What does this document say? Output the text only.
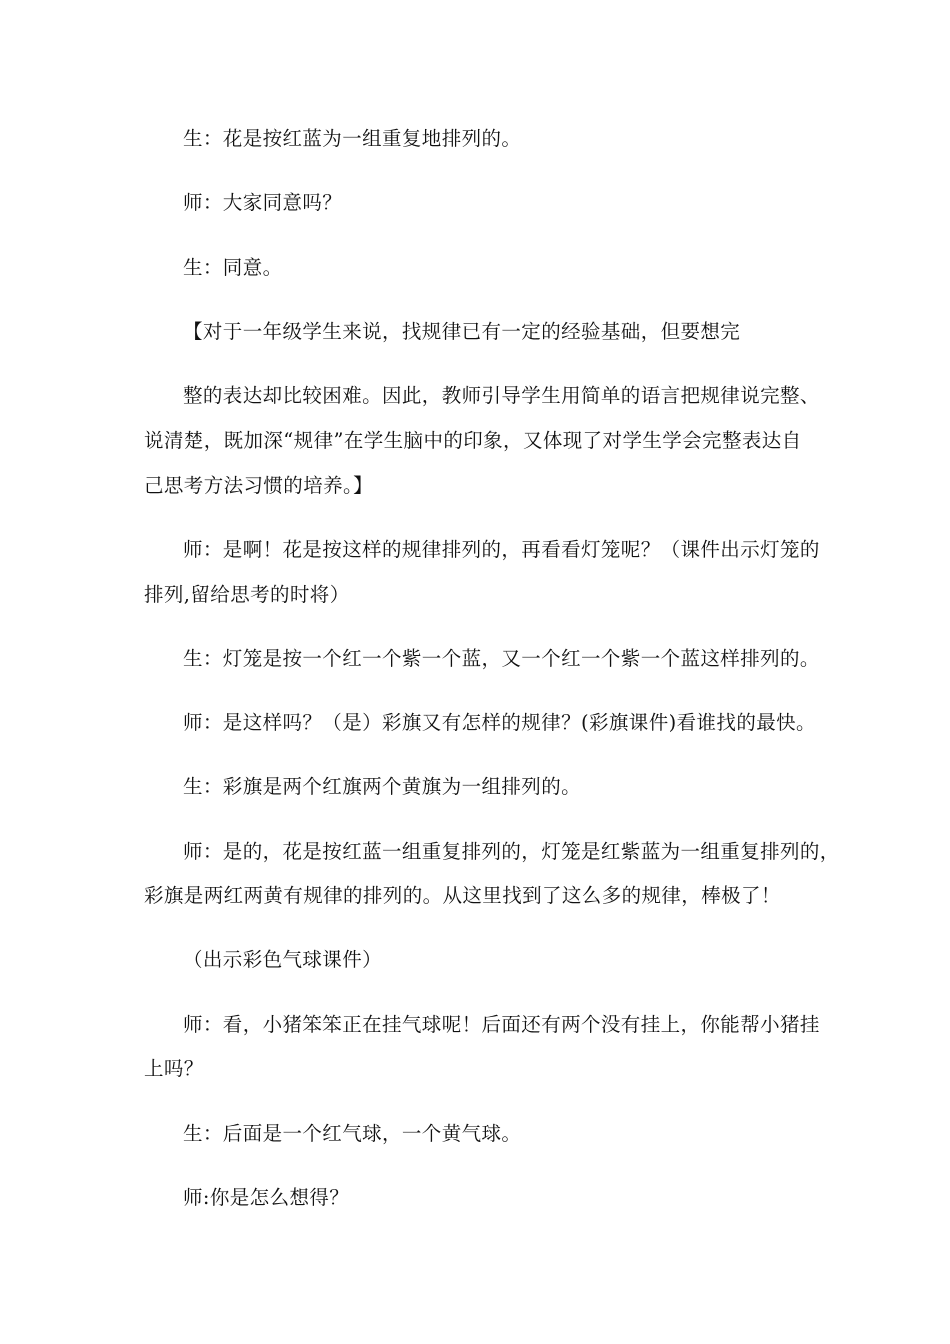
生：花是按红蓝为一组重复地排列的。
师：大家同意吗？
生：同意。
【对于一年级学生来说，找规律已有一定的经验基础，但要想完
整的表达却比较困难。因此，教师引导学生用简单的语言把规律说完整、
说清楚，既加深“规律”在学生脑中的印象，又体现了对学生学会完整表达自
己思考方法习惯的培养。】
师：是啊！花是按这样的规律排列的，再看看灯笼呢？（课件出示灯笼的
排列,留给思考的时将）
生：灯笼是按一个红一个紫一个蓝，又一个红一个紫一个蓝这样排列的。
师：是这样吗？（是）彩旗又有怎样的规律？(彩旗课件)看谁找的最快。
生：彩旗是两个红旗两个黄旗为一组排列的。
师：是的，花是按红蓝一组重复排列的，灯笼是红紫蓝为一组重复排列的，
彩旗是两红两黄有规律的排列的。从这里找到了这么多的规律，棒极了！
（出示彩色气球课件）
师：看，小猪笨笨正在挂气球呢！后面还有两个没有挂上，你能帮小猪挂
上吗？
生：后面是一个红气球，一个黄气球。
师:你是怎么想得？
